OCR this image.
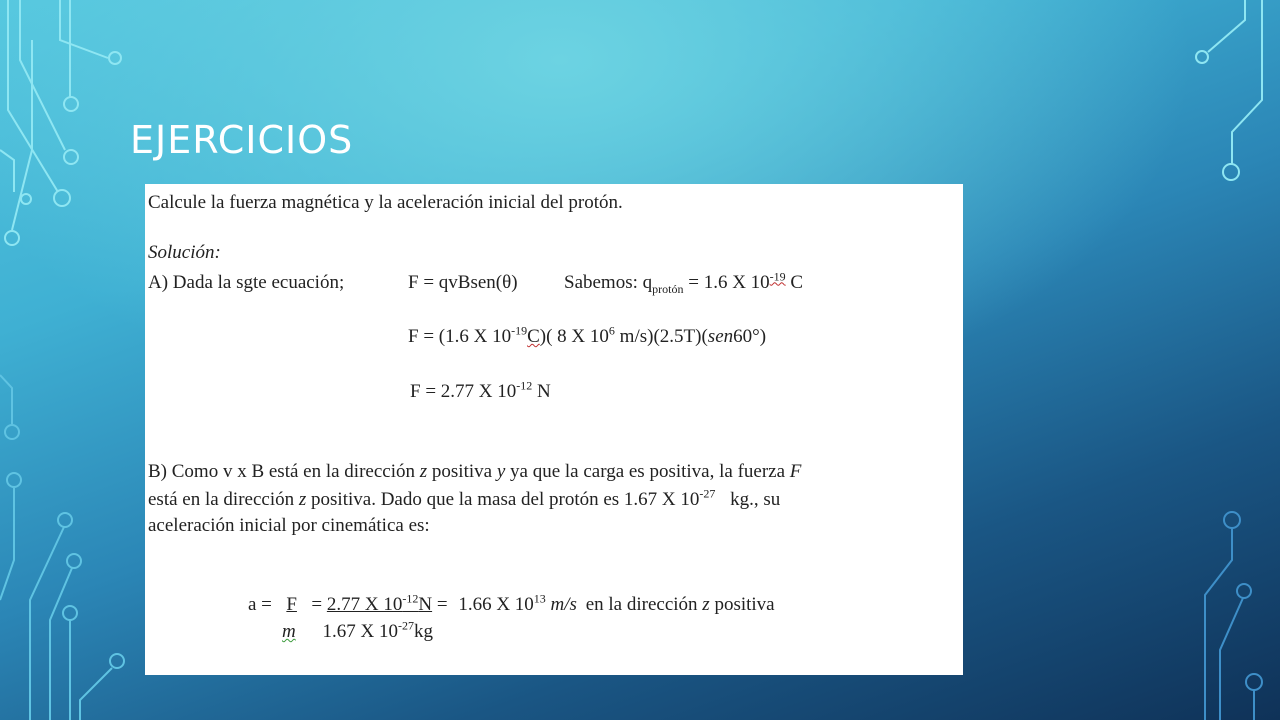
EJERCICIOS
Calcule la fuerza magnética y la aceleración inicial del protón.
Solución:
A) Dada la sgte ecuación;	F = qvBsen(θ) Sabemos: $q_{protón} = 1.6$ X $10^{-19}$ C
F = (1.6 X $10^{-19}C$)( 8 X $10^6$ m/s)(2.5T)(sen60°)
F = 2.77 X $10^{-12}$ N
B) Como v x B está en la dirección z positiva y ya que la carga es positiva, la fuerza F
está en la dirección z positiva. Dado que la masa del protón es 1.67 X $10^{-27}$ kg., su
aceleración inicial por cinemática es:
a = F = 2.77 X $10^{-12}N = 1.66$ X $10^{13}$ m/s en la dirección z positiva
m 1.67 X $10^{-27}kg$
